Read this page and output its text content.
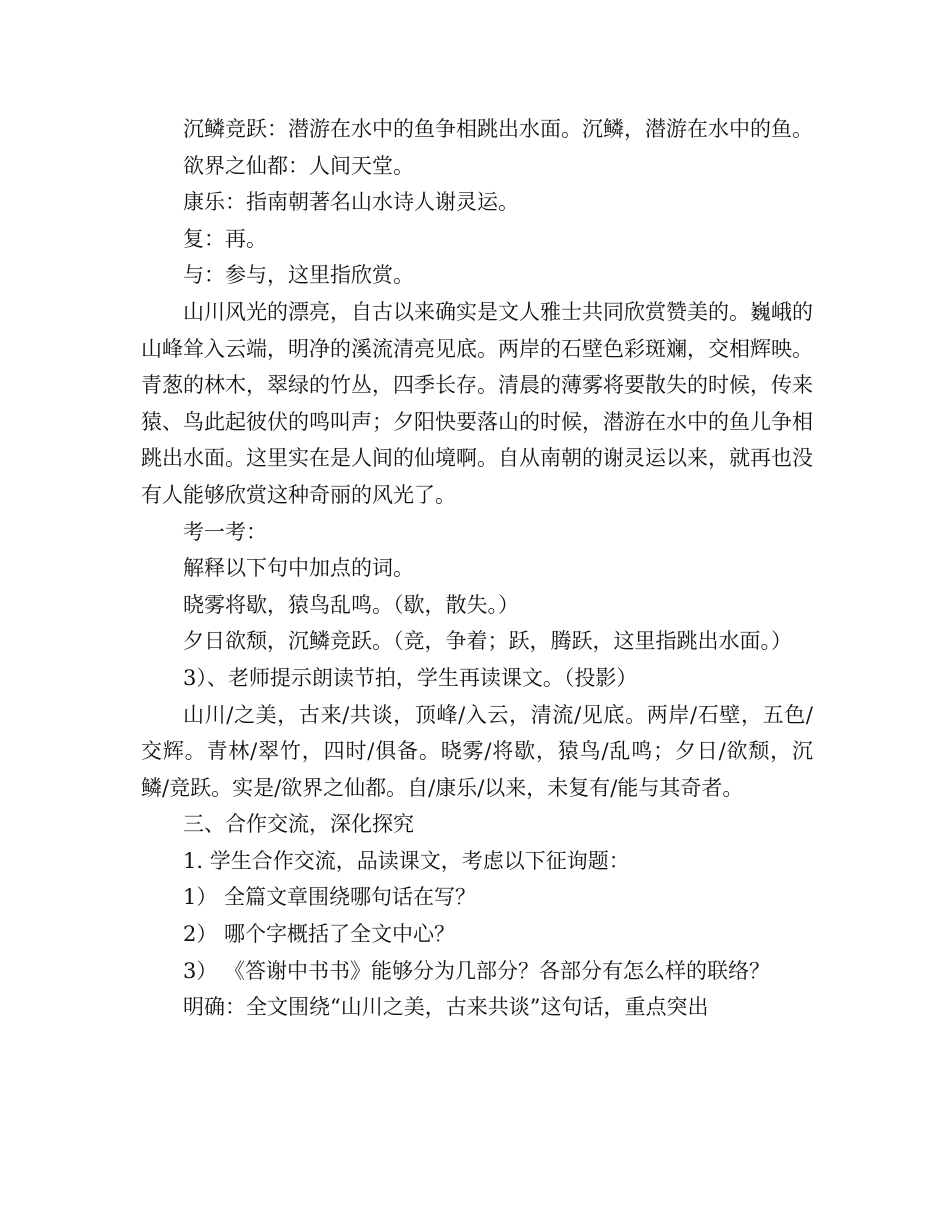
沉鳞竞跃：潜游在水中的鱼争相跳出水面。沉鳞，潜游在水中的鱼。

欲界之仙都：人间天堂。

康乐：指南朝著名山水诗人谢灵运。

复：再。

与：参与，这里指欣赏。

山川风光的漂亮，自古以来确实是文人雅士共同欣赏赞美的。巍峨的山峰耸入云端，明净的溪流清亮见底。两岸的石壁色彩斑斓，交相辉映。青葱的林木，翠绿的竹丛，四季长存。清晨的薄雾将要散失的时候，传来猿、鸟此起彼伏的鸣叫声；夕阳快要落山的时候，潜游在水中的鱼儿争相跳出水面。这里实在是人间的仙境啊。自从南朝的谢灵运以来，就再也没有人能够欣赏这种奇丽的风光了。

考一考：

解释以下句中加点的词。

晓雾将歇，猿鸟乱鸣。（歇，散失。）

夕日欲颓，沉鳞竞跃。（竞，争着；跃，腾跃，这里指跳出水面。）

3）、老师提示朗读节拍，学生再读课文。（投影）

山川/之美，古来/共谈，顶峰/入云，清流/见底。两岸/石壁，五色/交辉。青林/翠竹，四时/俱备。晓雾/将歇，猿鸟/乱鸣；夕日/欲颓，沉鳞/竞跃。实是/欲界之仙都。自/康乐/以来，未复有/能与其奇者。

三、合作交流，深化探究

1. 学生合作交流，品读课文，考虑以下征询题：

1） 全篇文章围绕哪句话在写？

2） 哪个字概括了全文中心？

3） 《答谢中书书》能够分为几部分？各部分有怎么样的联络？

明确：全文围绕“山川之美，古来共谈”这句话，重点突出
